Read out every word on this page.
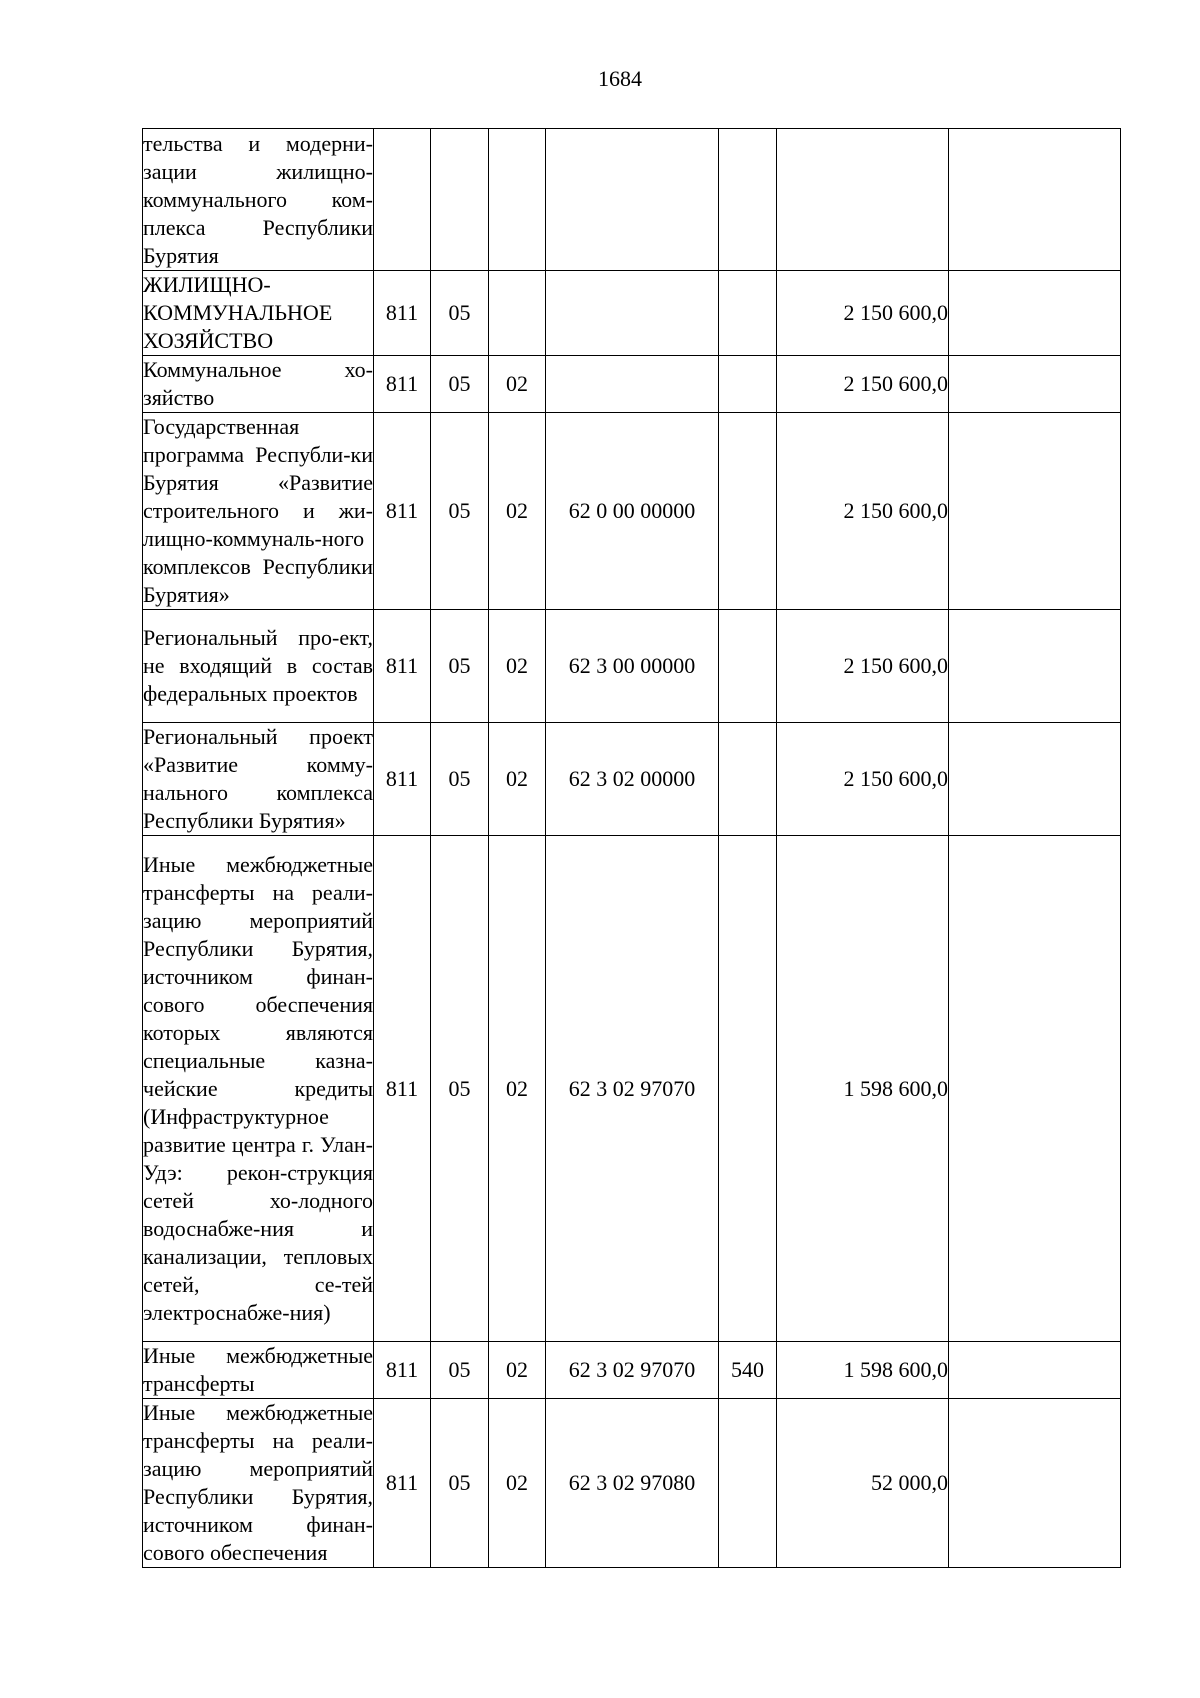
1684
тельства и модерни-зации жилищно-коммунального ком-плекса Республики Бурятия							
ЖИЛИЩНО-КОММУНАЛЬНОЕ ХОЗЯЙСТВО	811	05				2 150 600,0	
Коммунальное хо-зяйство	811	05	02			2 150 600,0	
Государственная программа Республи-ки Бурятия «Развитие строительного и жи-лищно-коммуналь-ного комплексов Республики Бурятия»	811	05	02	62 0 00 00000		2 150 600,0	
Региональный про-ект, не входящий в состав федеральных проектов	811	05	02	62 3 00 00000		2 150 600,0	
Региональный проект «Развитие комму-нального комплекса Республики Бурятия»	811	05	02	62 3 02 00000		2 150 600,0	
Иные межбюджетные трансферты на реали-зацию мероприятий Республики Бурятия, источником финан-сового обеспечения которых являются специальные казна-чейские кредиты (Инфраструктурное развитие центра г. Улан-Удэ: рекон-струкция сетей хо-лодного водоснабже-ния и канализации, тепловых сетей, се-тей электроснабже-ния)	811	05	02	62 3 02 97070		1 598 600,0	
Иные межбюджетные трансферты	811	05	02	62 3 02 97070	540	1 598 600,0	
Иные межбюджетные трансферты на реали-зацию мероприятий Республики Бурятия, источником финан-сового обеспечения	811	05	02	62 3 02 97080		52 000,0	
